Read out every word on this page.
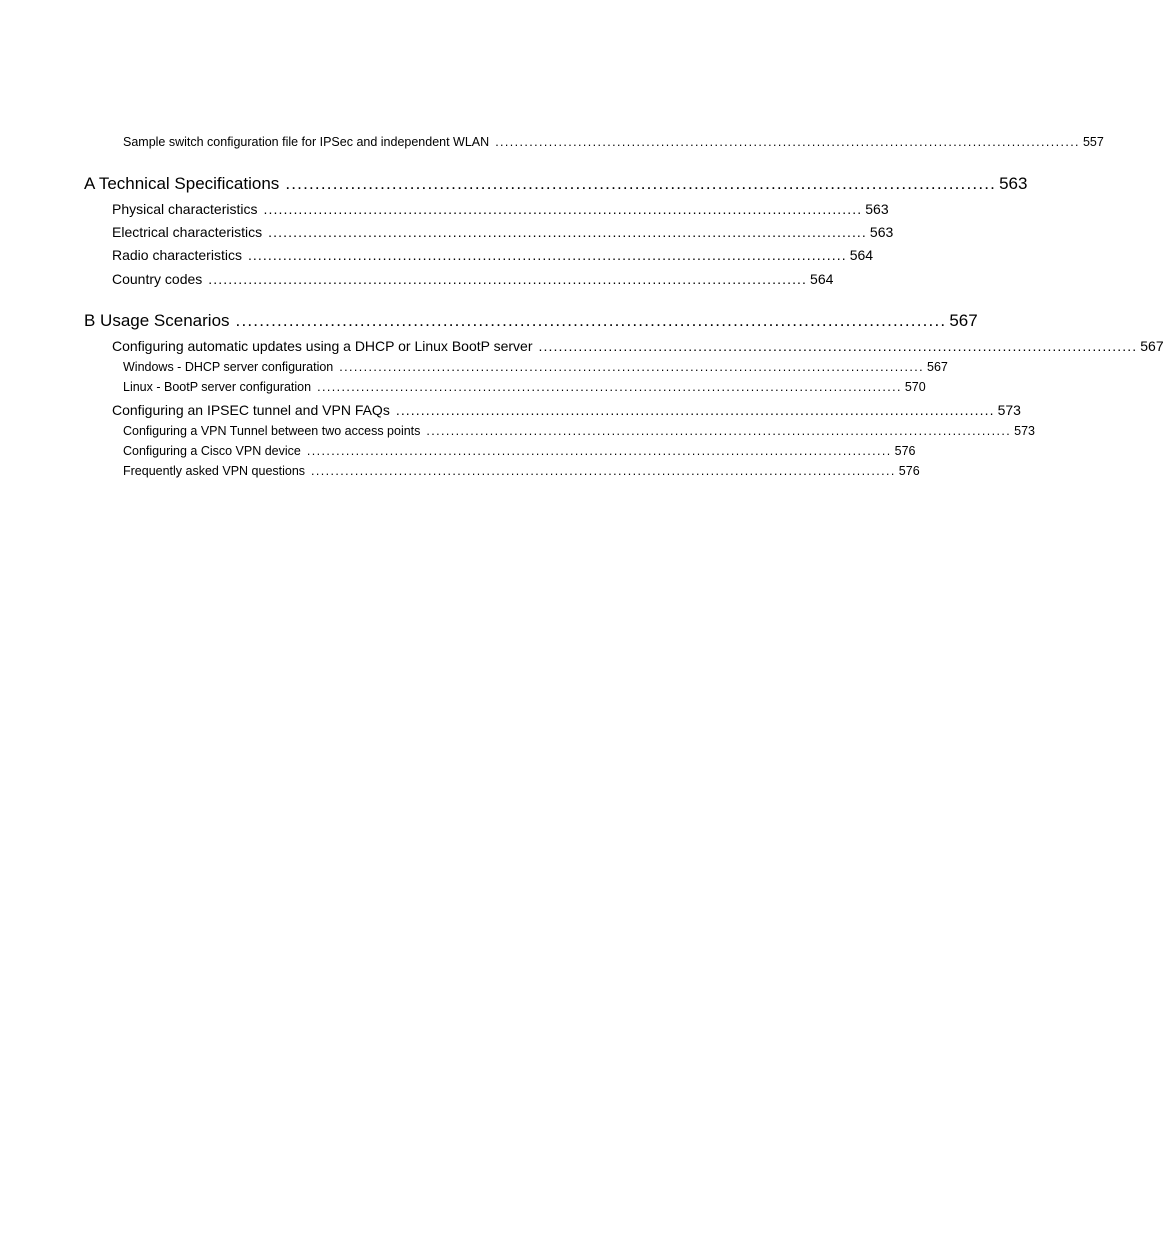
Sample switch configuration file for IPSec and independent WLAN ........................................................................................................................ 557
A Technical Specifications ........................................................................................................................ 563
Physical characteristics ........................................................................................................................ 563
Electrical characteristics ........................................................................................................................ 563
Radio characteristics ........................................................................................................................ 564
Country codes ........................................................................................................................ 564
B Usage Scenarios ........................................................................................................................ 567
Configuring automatic updates using a DHCP or Linux BootP server ........................................................................................................................ 567
Windows - DHCP server configuration ........................................................................................................................ 567
Linux - BootP server configuration ........................................................................................................................ 570
Configuring an IPSEC tunnel and VPN FAQs ........................................................................................................................ 573
Configuring a VPN Tunnel between two access points ........................................................................................................................ 573
Configuring a Cisco VPN device ........................................................................................................................ 576
Frequently asked VPN questions ........................................................................................................................ 576
